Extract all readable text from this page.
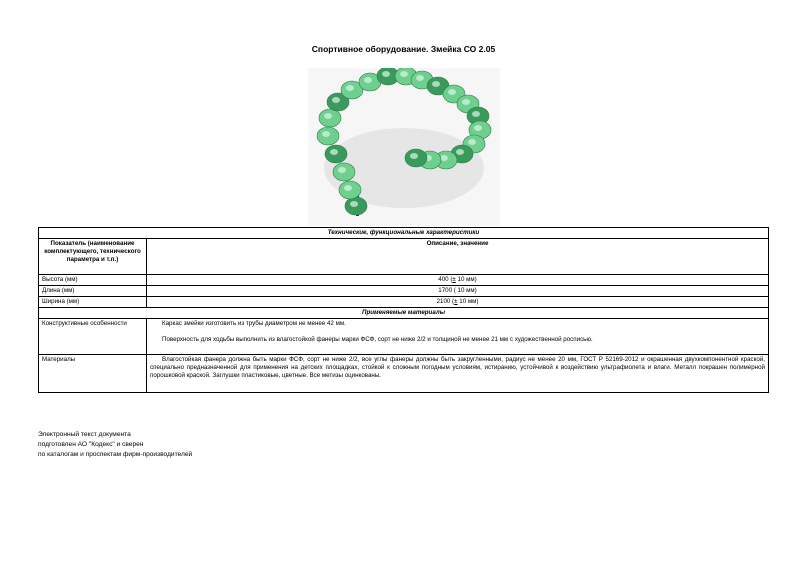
Спортивное оборудование. Змейка СО 2.05
Технические, функциональные характеристики	
Показатель (наименование комплектующего, технического параметра и т.п.)	Описание, значение
Высота (мм)	400 (± 10 мм)
Длина (мм)	1700 ( 10 мм)
Ширина (мм)	2100 (± 10 мм)
Применяемые материалы	
Конструктивные особенности	Каркас змейки изготовить из трубы диаметром не менее 42 мм.
Поверхность для ходьбы выполнить из влагостойкой фанеры марки ФСФ, сорт не ниже 2/2 и толщиной не менее 21 мм с художественной росписью.

Материалы	Влагостойкая фанера должна быть марки ФСФ, сорт не ниже 2/2, все углы фанеры должны быть закругленными, радиус не менее 20 мм, ГОСТ Р 52169-2012 и окрашенная двухкомпонентной краской, специально предназначенной для применения на детских площадках, стойкой к сложным погодным условиям, истиранию, устойчивой к воздействию ультрафиолета и влаги. Металл покрашен полимерной порошковой краской. Заглушки пластиковые, цветные. Все метизы оцинкованы.
Электронный текст документа
подготовлен АО "Кодекс" и сверен
по каталогам и проспектам фирм-производителей
